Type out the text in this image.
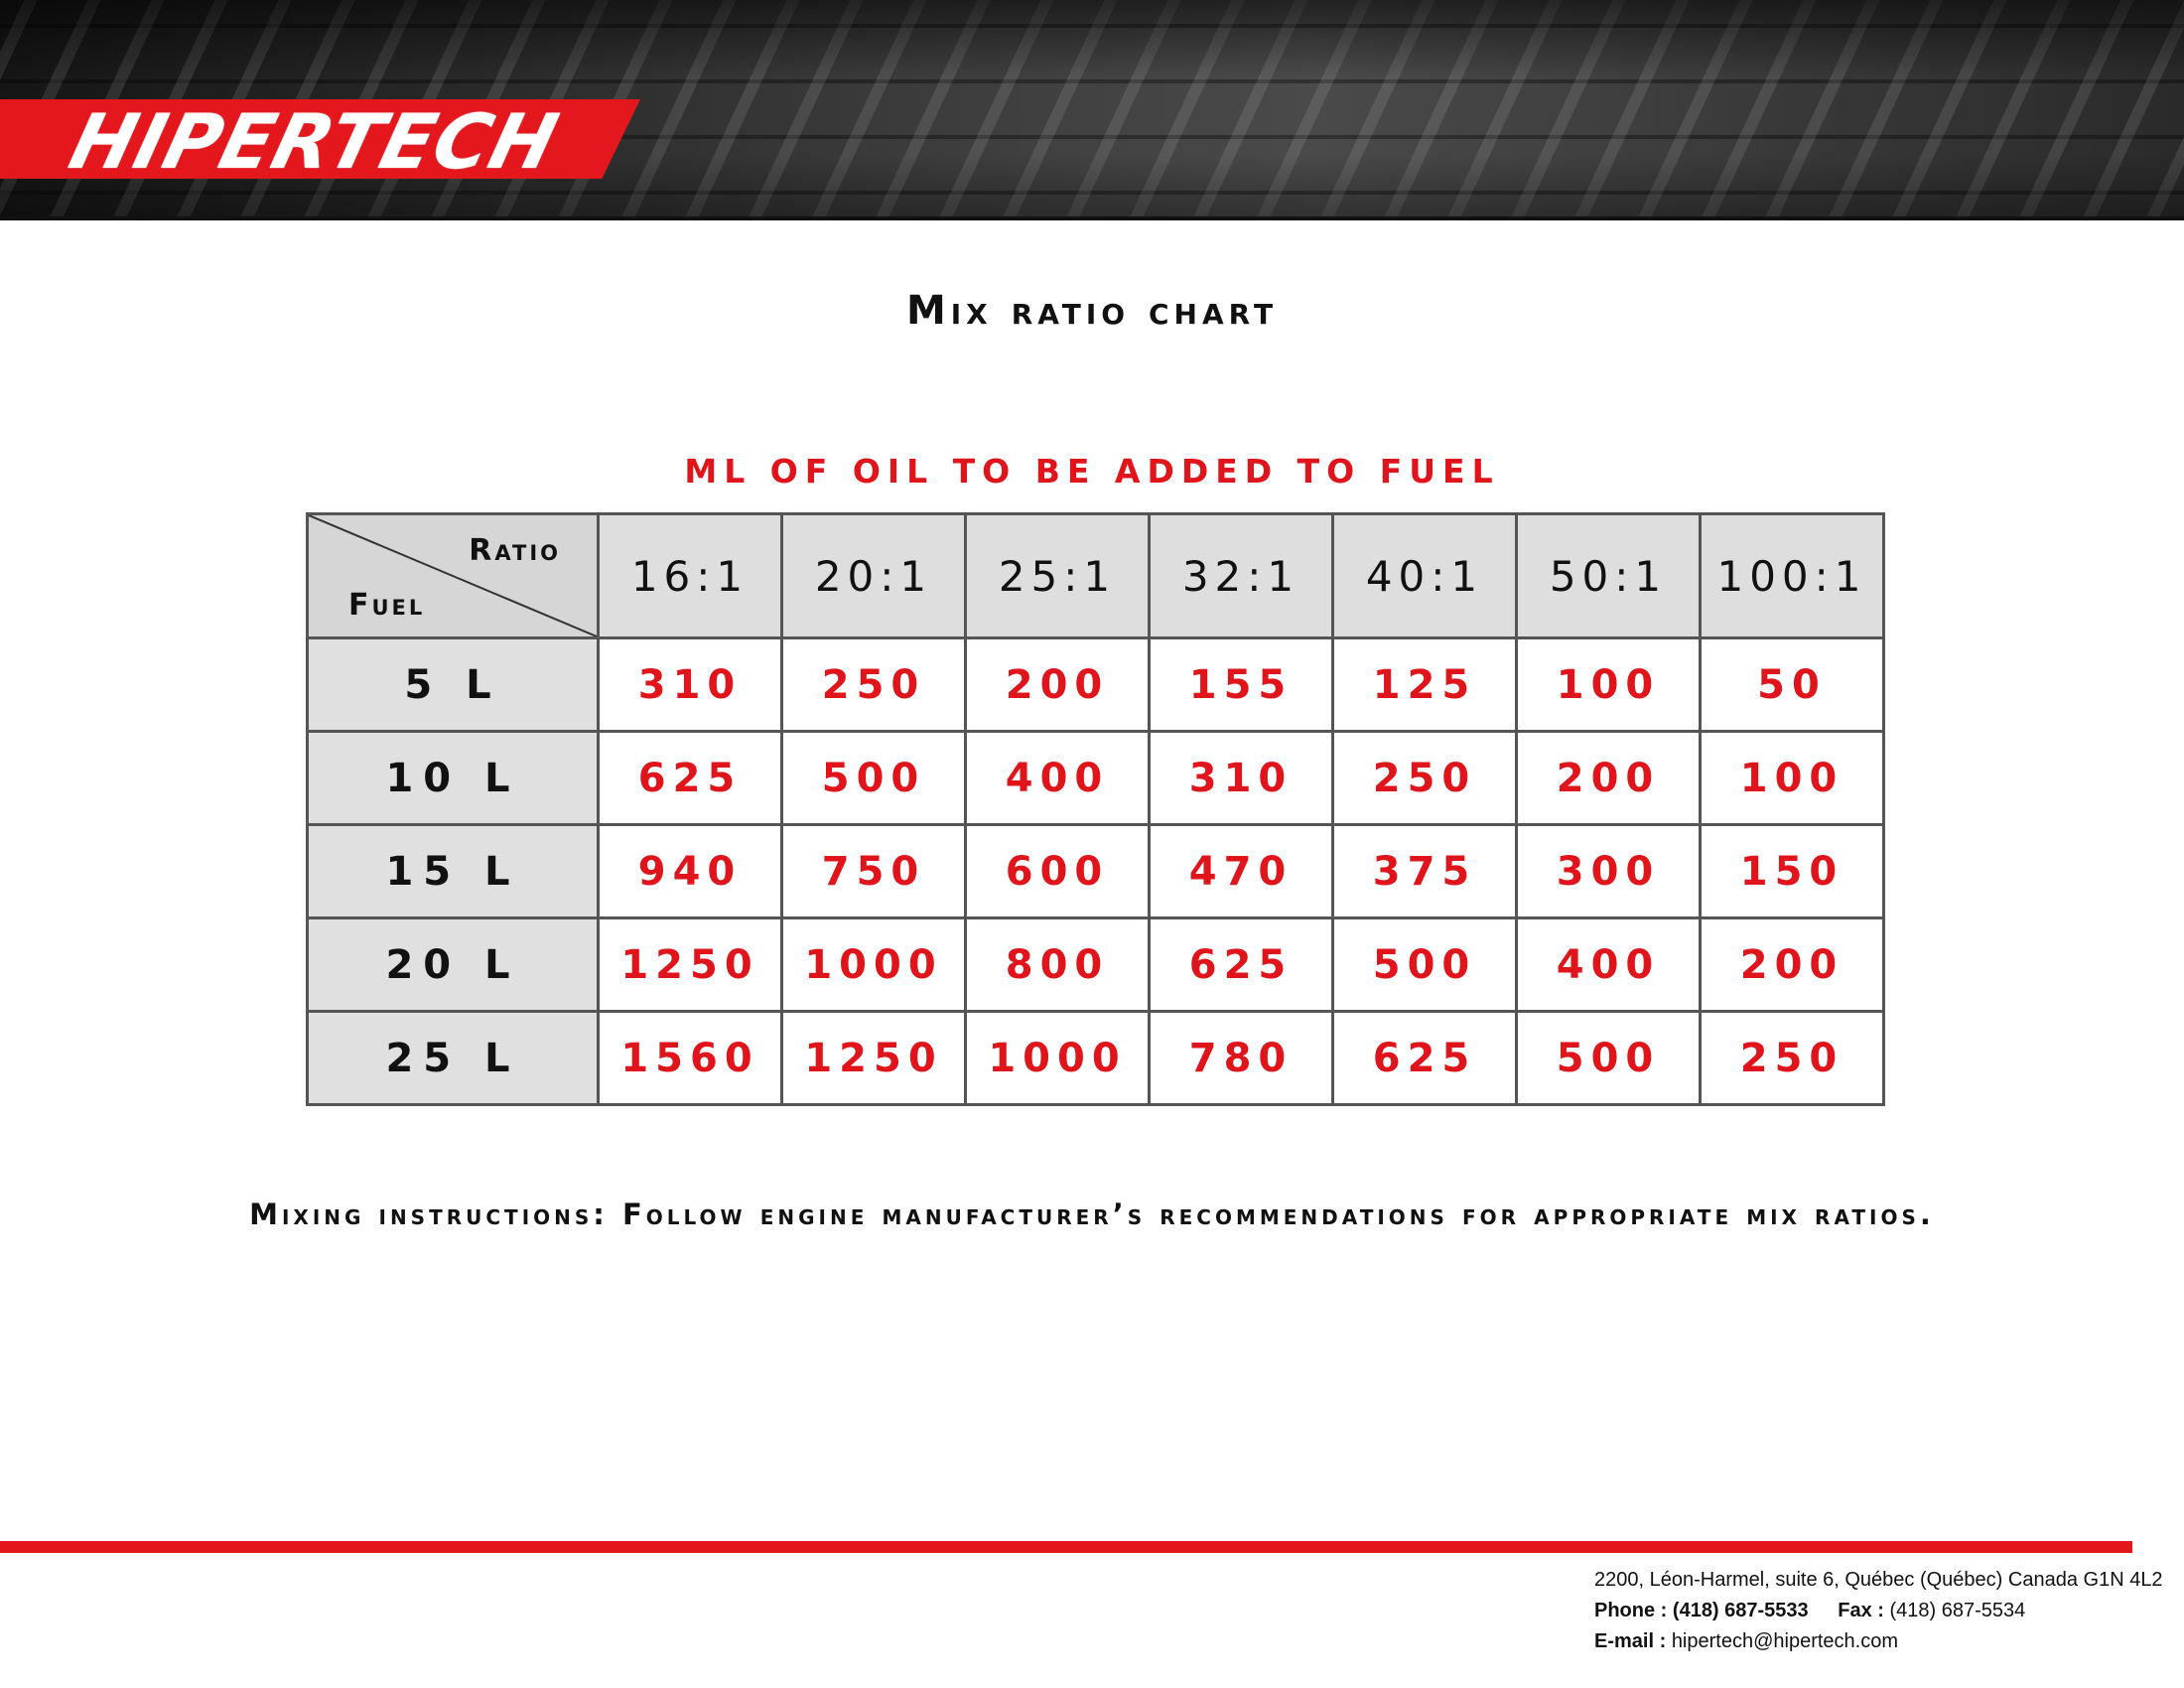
HIPERTECH
Mix ratio chart
ML OF OIL TO BE ADDED TO FUEL
Ratio
Fuel	16:1	20:1	25:1	32:1	40:1	50:1	100:1
5 L	310	250	200	155	125	100	50
10 L	625	500	400	310	250	200	100
15 L	940	750	600	470	375	300	150
20 L	1250	1000	800	625	500	400	200
25 L	1560	1250	1000	780	625	500	250
Mixing instructions: Follow engine manufacturer’s recommendations for appropriate mix ratios.
2200, Léon-Harmel, suite 6, Québec (Québec) Canada G1N 4L2
Phone : (418) 687-5533 Fax : (418) 687-5534
E-mail : hipertech@hipertech.com
